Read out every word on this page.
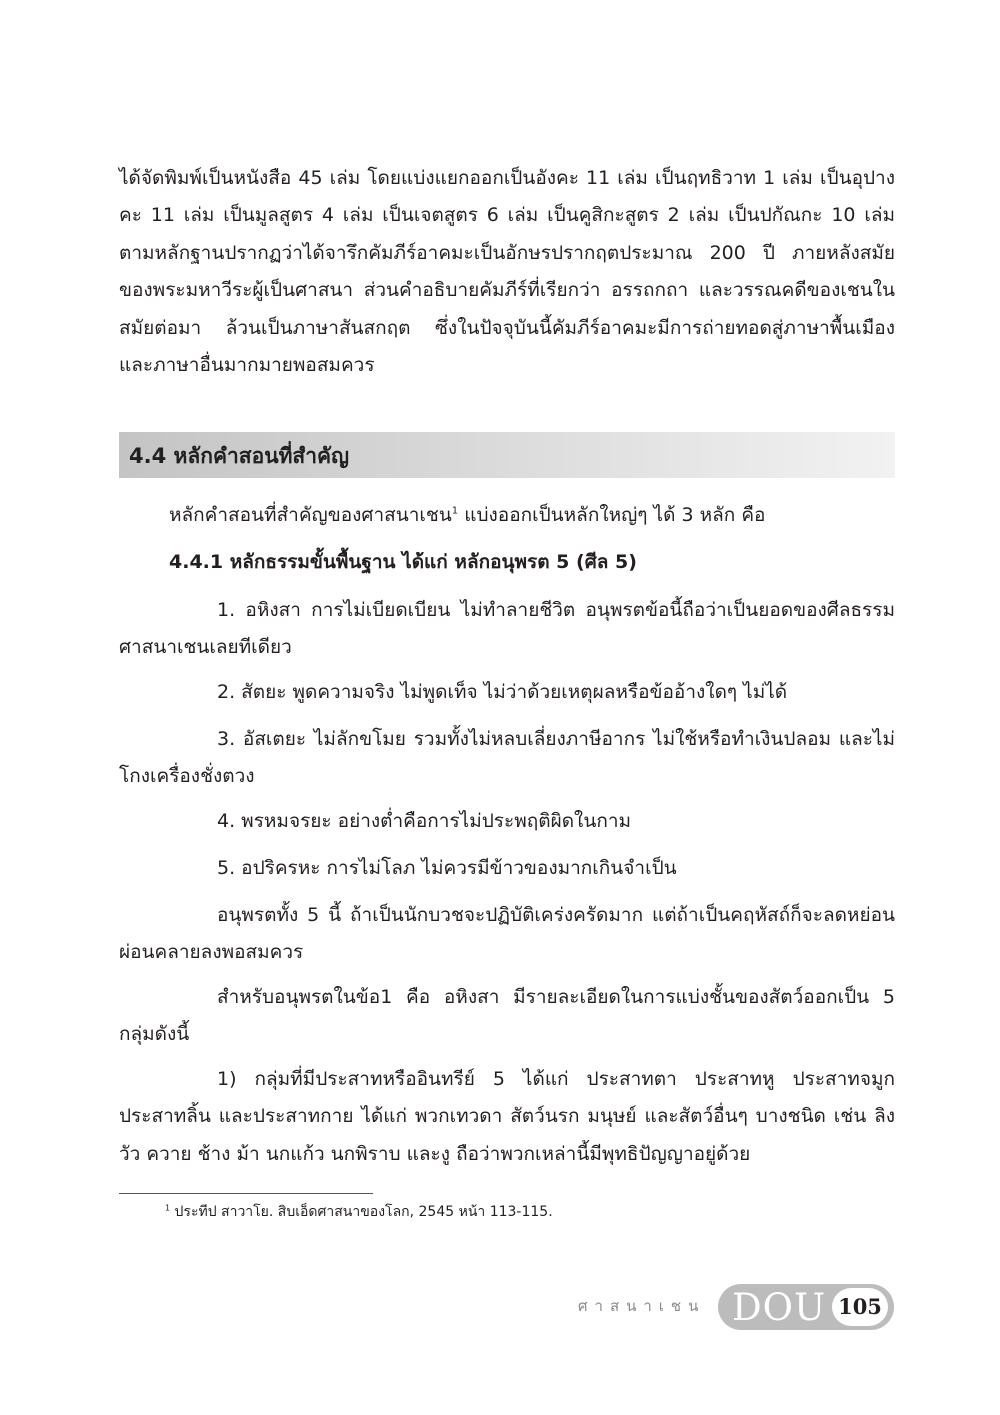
ได้จัดพิมพ์เป็นหนังสือ 45 เล่ม โดยแบ่งแยกออกเป็นอังคะ 11 เล่ม เป็นฤทธิวาท 1 เล่ม เป็นอุปางคะ 11 เล่ม เป็นมูลสูตร 4 เล่ม เป็นเจตสูตร 6 เล่ม เป็นคูสิกะสูตร 2 เล่ม เป็นปกัณกะ 10 เล่ม ตามหลักฐานปรากฏว่าได้จารึกคัมภีร์อาคมะเป็นอักษรปรากฤตประมาณ 200 ปี ภายหลังสมัยของพระมหาวีระผู้เป็นศาสนา ส่วนคำอธิบายคัมภีร์ที่เรียกว่า อรรถกถา และวรรณคดีของเชนในสมัยต่อมา ล้วนเป็นภาษาสันสกฤต ซึ่งในปัจจุบันนี้คัมภีร์อาคมะมีการถ่ายทอดสู่ภาษาพื้นเมือง และภาษาอื่นมากมายพอสมควร

4.4 หลักคำสอนที่สำคัญ

หลักคำสอนที่สำคัญของศาสนาเชน$^1$ แบ่งออกเป็นหลักใหญ่ๆ ได้ 3 หลัก คือ

4.4.1 หลักธรรมขั้นพื้นฐาน ได้แก่ หลักอนุพรต 5 (ศีล 5)

1. อหิงสา การไม่เบียดเบียน ไม่ทำลายชีวิต อนุพรตข้อนี้ถือว่าเป็นยอดของศีลธรรมศาสนาเชนเลยทีเดียว

2. สัตยะ พูดความจริง ไม่พูดเท็จ ไม่ว่าด้วยเหตุผลหรือข้ออ้างใดๆ ไม่ได้

3. อัสเตยะ ไม่ลักขโมย รวมทั้งไม่หลบเลี่ยงภาษีอากร ไม่ใช้หรือทำเงินปลอม และไม่โกงเครื่องชั่งตวง

4. พรหมจรยะ อย่างต่ำคือการไม่ประพฤติผิดในกาม

5. อปริครหะ การไม่โลภ ไม่ควรมีข้าวของมากเกินจำเป็น

อนุพรตทั้ง 5 นี้ ถ้าเป็นนักบวชจะปฏิบัติเคร่งครัดมาก แต่ถ้าเป็นคฤหัสถ์ก็จะลดหย่อนผ่อนคลายลงพอสมควร

สำหรับอนุพรตในข้อ1 คือ อหิงสา มีรายละเอียดในการแบ่งชั้นของสัตว์ออกเป็น 5 กลุ่มดังนี้

1) กลุ่มที่มีประสาทหรืออินทรีย์ 5 ได้แก่ ประสาทตา ประสาทหู ประสาทจมูก ประสาทลิ้น และประสาทกาย ได้แก่ พวกเทวดา สัตว์นรก มนุษย์ และสัตว์อื่นๆ บางชนิด เช่น ลิง วัว ควาย ช้าง ม้า นกแก้ว นกพิราบ และงู ถือว่าพวกเหล่านี้มีพุทธิปัญญาอยู่ด้วย

$^1$ ประทีป สาวาโย. สิบเอ็ดศาสนาของโลก, 2545 หน้า 113-115.

ศาสนาเชน DOU 105
